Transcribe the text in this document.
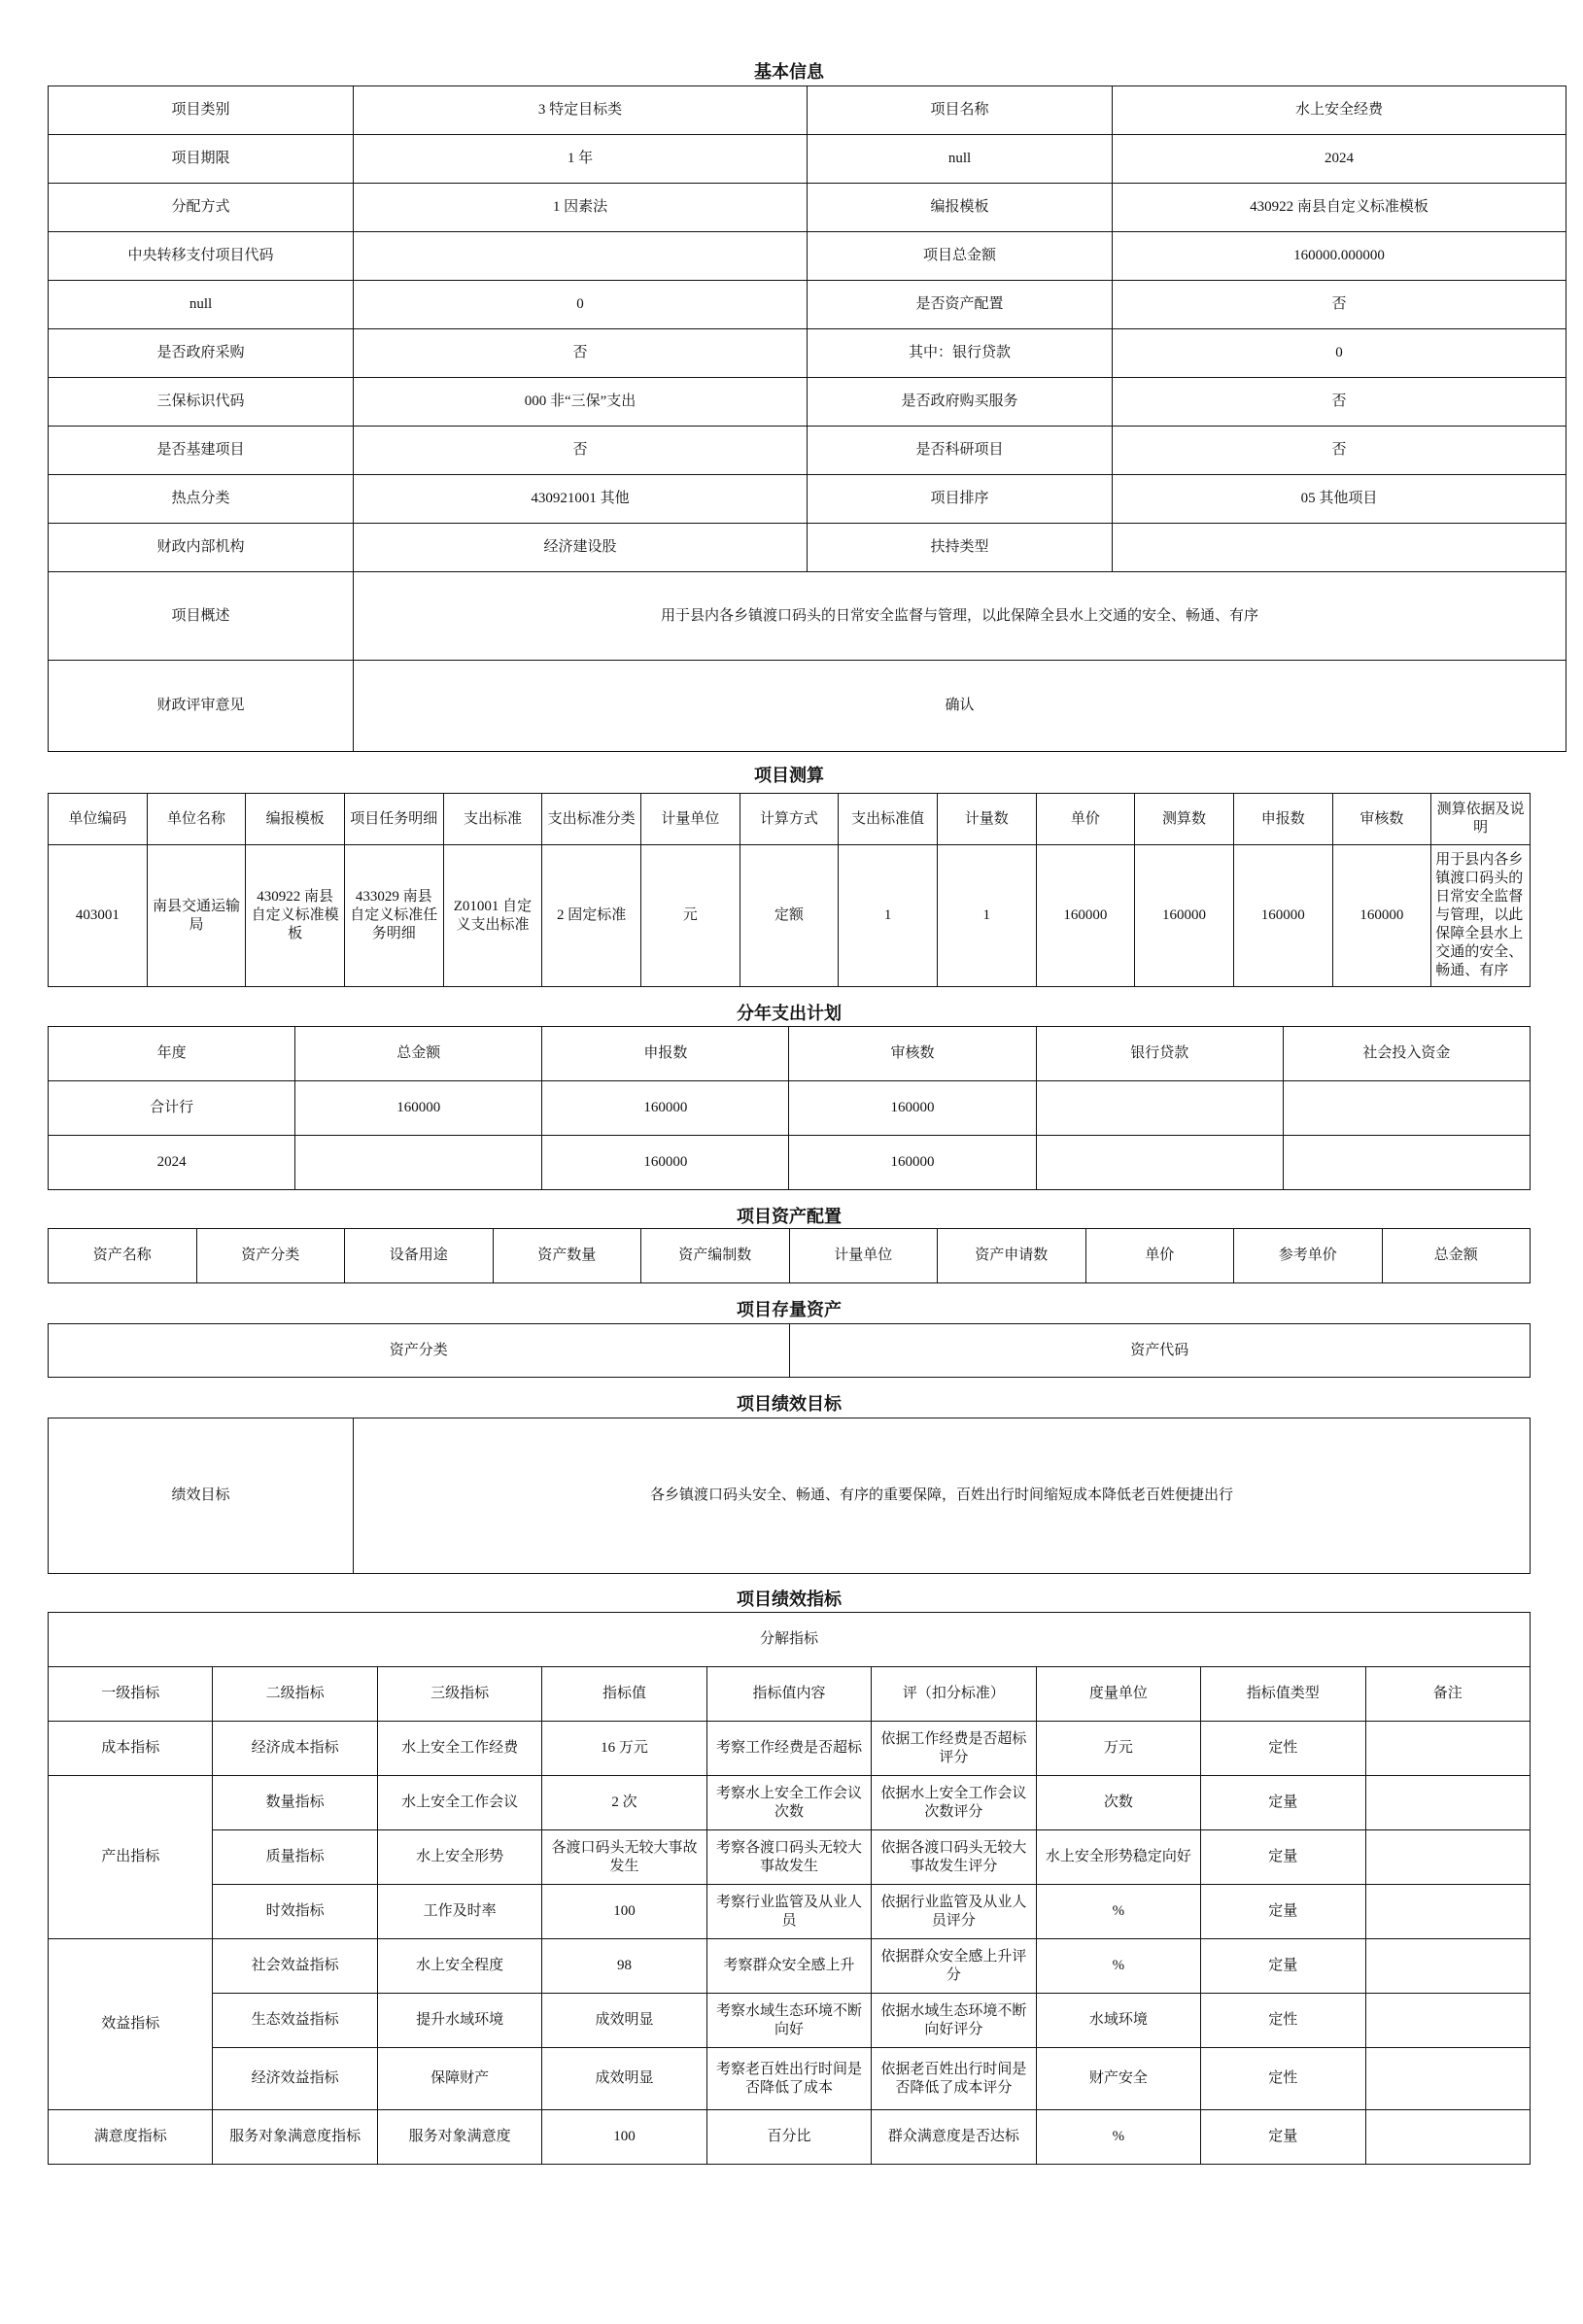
基本信息
项目类别	3 特定目标类	项目名称	水上安全经费
项目期限	1 年	null	2024
分配方式	1 因素法	编报模板	430922 南县自定义标准模板
中央转移支付项目代码		项目总金额	160000.000000
null	0	是否资产配置	否
是否政府采购	否	其中：银行贷款	0
三保标识代码	000 非“三保”支出	是否政府购买服务	否
是否基建项目	否	是否科研项目	否
热点分类	430921001 其他	项目排序	05 其他项目
财政内部机构	经济建设股	扶持类型	
项目概述	用于县内各乡镇渡口码头的日常安全监督与管理，以此保障全县水上交通的安全、畅通、有序		
财政评审意见	确认		
项目测算
单位编码	单位名称	编报模板	项目任务明细	支出标准	支出标准分类	计量单位	计算方式	支出标准值	计量数	单价	测算数	申报数	审核数	测算依据及说明
403001	南县交通运输局	430922 南县自定义标准模板	433029 南县自定义标准任务明细	Z01001 自定义支出标准	2 固定标准	元	定额	1	1	160000	160000	160000	160000	用于县内各乡镇渡口码头的日常安全监督与管理，以此保障全县水上交通的安全、畅通、有序
分年支出计划
年度	总金额	申报数	审核数	银行贷款	社会投入资金
合计行	160000	160000	160000		
2024		160000	160000		
项目资产配置
资产名称	资产分类	设备用途	资产数量	资产编制数	计量单位	资产申请数	单价	参考单价	总金额
项目存量资产
资产分类	资产代码
项目绩效目标
绩效目标	各乡镇渡口码头安全、畅通、有序的重要保障，百姓出行时间缩短成本降低老百姓便捷出行
项目绩效指标
分解指标								
一级指标	二级指标	三级指标	指标值	指标值内容	评（扣分标准）	度量单位	指标值类型	备注
成本指标	经济成本指标	水上安全工作经费	16 万元	考察工作经费是否超标	依据工作经费是否超标评分	万元	定性	
产出指标	数量指标	水上安全工作会议	2 次	考察水上安全工作会议次数	依据水上安全工作会议次数评分	次数	定量	
	质量指标	水上安全形势	各渡口码头无较大事故发生	考察各渡口码头无较大事故发生	依据各渡口码头无较大事故发生评分	水上安全形势稳定向好	定量	
	时效指标	工作及时率	100	考察行业监管及从业人员	依据行业监管及从业人员评分	%	定量	
效益指标	社会效益指标	水上安全程度	98	考察群众安全感上升	依据群众安全感上升评分	%	定量	
	生态效益指标	提升水域环境	成效明显	考察水域生态环境不断向好	依据水域生态环境不断向好评分	水域环境	定性	
	经济效益指标	保障财产	成效明显	考察老百姓出行时间是否降低了成本	依据老百姓出行时间是否降低了成本评分	财产安全	定性	
满意度指标	服务对象满意度指标	服务对象满意度	100	百分比	群众满意度是否达标	%	定量	
